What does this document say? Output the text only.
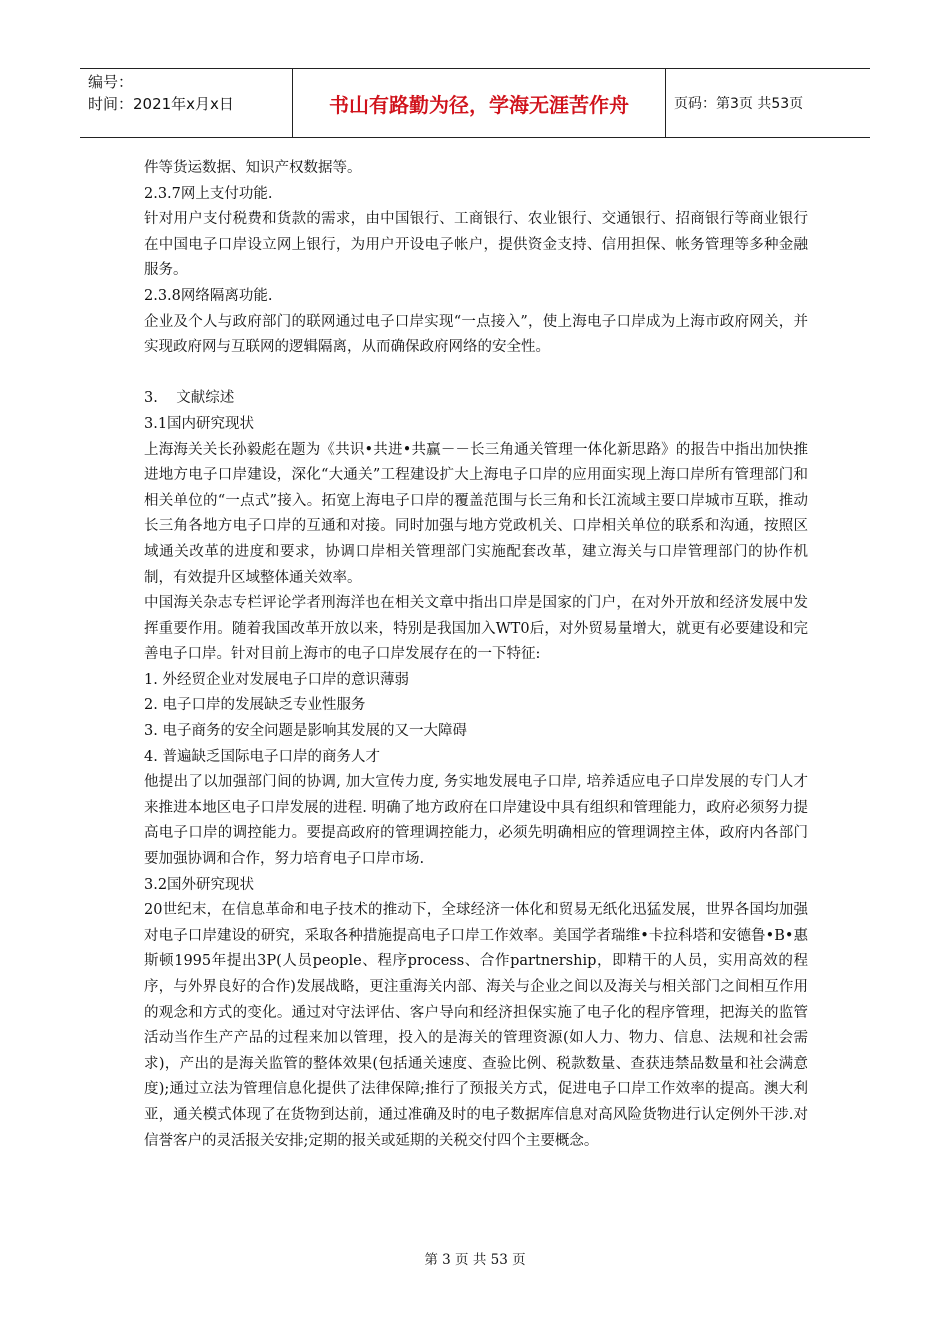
编号：
时间：2021年x月x日	书山有路勤为径，学海无涯苦作舟	页码：第3页 共53页

件等货运数据、知识产权数据等。

2.3.7网上支付功能.

针对用户支付税费和货款的需求，由中国银行、工商银行、农业银行、交通银行、招商银行等商业银行在中国电子口岸设立网上银行，为用户开设电子帐户，提供资金支持、信用担保、帐务管理等多种金融服务。

2.3.8网络隔离功能.

企业及个人与政府部门的联网通过电子口岸实现“一点接入”，使上海电子口岸成为上海市政府网关，并实现政府网与互联网的逻辑隔离，从而确保政府网络的安全性。

3.    文献综述

3.1国内研究现状

上海海关关长孙毅彪在题为《共识•共进•共赢－－长三角通关管理一体化新思路》的报告中指出加快推进地方电子口岸建设，深化“大通关”工程建设扩大上海电子口岸的应用面实现上海口岸所有管理部门和相关单位的“一点式”接入。拓宽上海电子口岸的覆盖范围与长三角和长江流域主要口岸城市互联，推动长三角各地方电子口岸的互通和对接。同时加强与地方党政机关、口岸相关单位的联系和沟通，按照区域通关改革的进度和要求，协调口岸相关管理部门实施配套改革，建立海关与口岸管理部门的协作机制，有效提升区域整体通关效率。

中国海关杂志专栏评论学者刑海洋也在相关文章中指出口岸是国家的门户，在对外开放和经济发展中发挥重要作用。随着我国改革开放以来，特别是我国加入WT0后，对外贸易量增大，就更有必要建设和完善电子口岸。针对目前上海市的电子口岸发展存在的一下特征:

1. 外经贸企业对发展电子口岸的意识薄弱

2. 电子口岸的发展缺乏专业性服务

3. 电子商务的安全问题是影响其发展的又一大障碍

4. 普遍缺乏国际电子口岸的商务人才

他提出了以加强部门间的协调, 加大宣传力度, 务实地发展电子口岸, 培养适应电子口岸发展的专门人才来推进本地区电子口岸发展的进程. 明确了地方政府在口岸建设中具有组织和管理能力，政府必须努力提高电子口岸的调控能力。要提高政府的管理调控能力，必须先明确相应的管理调控主体，政府内各部门要加强协调和合作，努力培育电子口岸市场.

3.2国外研究现状

20世纪末，在信息革命和电子技术的推动下，全球经济一体化和贸易无纸化迅猛发展，世界各国均加强对电子口岸建设的研究，采取各种措施提高电子口岸工作效率。美国学者瑞维•卡拉科塔和安德鲁•B•惠斯顿1995年提出3P(人员people、程序process、合作partnership，即精干的人员，实用高效的程序，与外界良好的合作)发展战略，更注重海关内部、海关与企业之间以及海关与相关部门之间相互作用的观念和方式的变化。通过对守法评估、客户导向和经济担保实施了电子化的程序管理，把海关的监管活动当作生产产品的过程来加以管理，投入的是海关的管理资源(如人力、物力、信息、法规和社会需求)，产出的是海关监管的整体效果(包括通关速度、查验比例、税款数量、查获违禁品数量和社会满意度);通过立法为管理信息化提供了法律保障;推行了预报关方式，促进电子口岸工作效率的提高。澳大利亚，通关模式体现了在货物到达前，通过准确及时的电子数据库信息对高风险货物进行认定例外干涉.对信誉客户的灵活报关安排;定期的报关或延期的关税交付四个主要概念。

第 3 页 共 53 页
